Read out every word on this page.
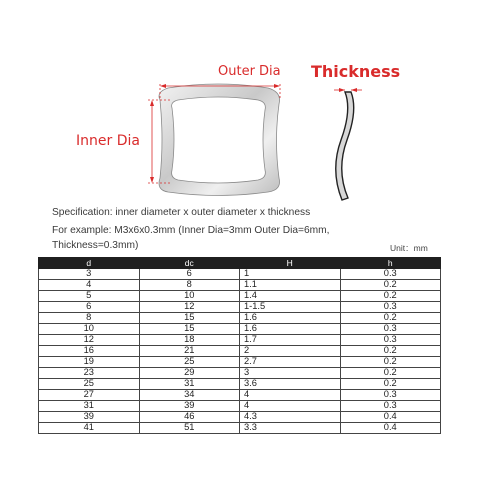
Outer Dia Thickness
Inner Dia
Specification: inner diameter x outer diameter x thickness
For example: M3x6x0.3mm (Inner Dia=3mm Outer Dia=6mm,
Thickness=0.3mm)	Unit：mm
d	dc	H	h
3	6	1	0.3
4	8	1.1	0.2
5	10	1.4	0.2
6	12	1-1.5	0.3
8	15	1.6	0.2
10	15	1.6	0.3
12	18	1.7	0.3
16	21	2	0.2
19	25	2.7	0.2
23	29	3	0.2
25	31	3.6	0.2
27	34	4	0.3
31	39	4	0.3
39	46	4.3	0.4
41	51	3.3	0.4
